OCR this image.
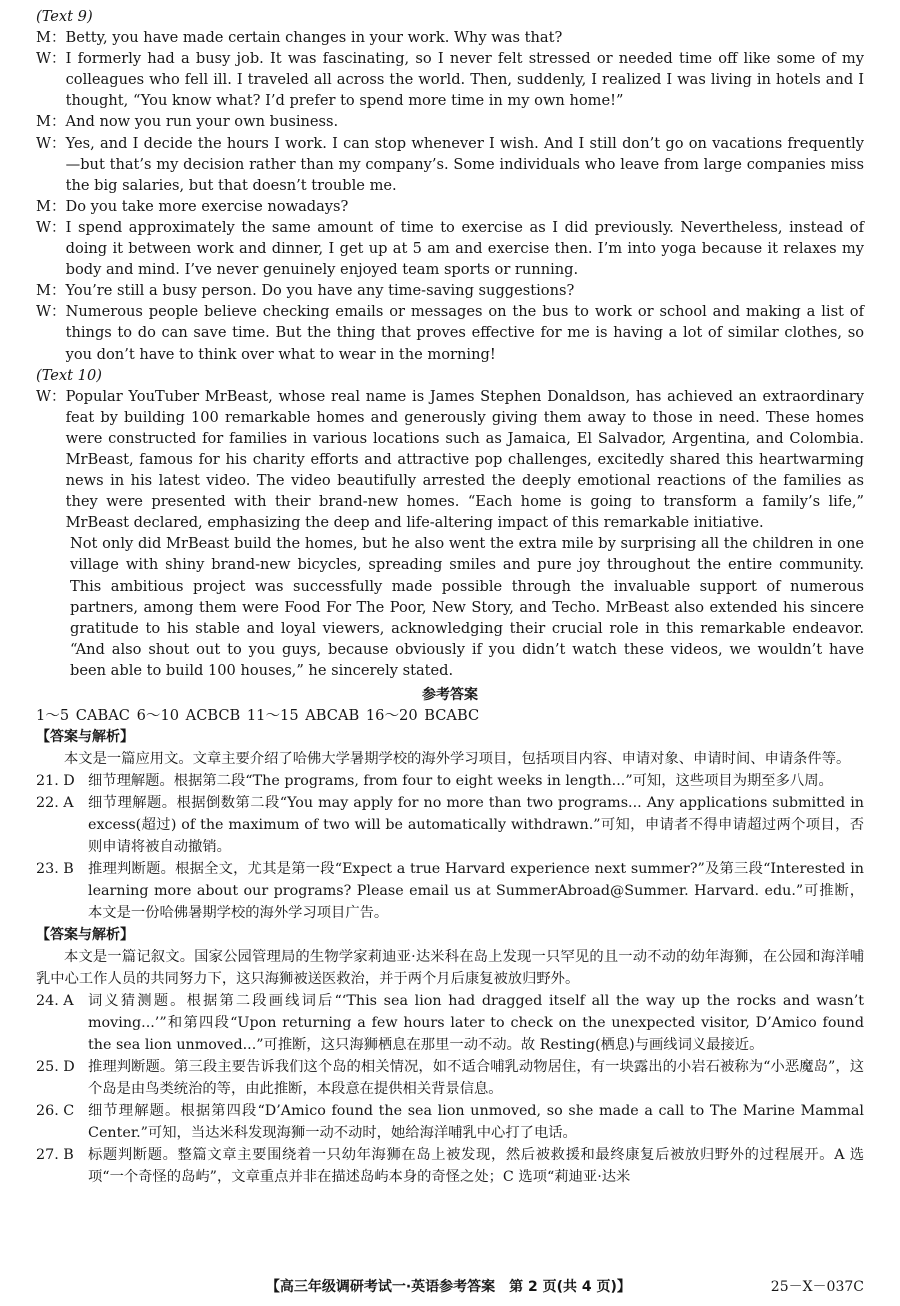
(Text 9)

M： Betty, you have made certain changes in your work. Why was that?
W： I formerly had a busy job. It was fascinating, so I never felt stressed or needed time off like some of my colleagues who fell ill. I traveled all across the world. Then, suddenly, I realized I was living in hotels and I thought, “You know what? I’d prefer to spend more time in my own home!”
M： And now you run your own business.
W： Yes, and I decide the hours I work. I can stop whenever I wish. And I still don’t go on vacations frequently—but that’s my decision rather than my company’s. Some individuals who leave from large companies miss the big salaries, but that doesn’t trouble me.
M： Do you take more exercise nowadays?
W： I spend approximately the same amount of time to exercise as I did previously. Nevertheless, instead of doing it between work and dinner, I get up at 5 am and exercise then. I’m into yoga because it relaxes my body and mind. I’ve never genuinely enjoyed team sports or running.
M： You’re still a busy person. Do you have any time-saving suggestions?
W： Numerous people believe checking emails or messages on the bus to work or school and making a list of things to do can save time. But the thing that proves effective for me is having a lot of similar clothes, so you don’t have to think over what to wear in the morning!

(Text 10)

W： Popular YouTuber MrBeast, whose real name is James Stephen Donaldson, has achieved an extraordinary feat by building 100 remarkable homes and generously giving them away to those in need. These homes were constructed for families in various locations such as Jamaica, El Salvador, Argentina, and Colombia. MrBeast, famous for his charity efforts and attractive pop challenges, excitedly shared this heartwarming news in his latest video. The video beautifully arrested the deeply emotional reactions of the families as they were presented with their brand-new homes. “Each home is going to transform a family’s life,” MrBeast declared, emphasizing the deep and life-altering impact of this remarkable initiative.

Not only did MrBeast build the homes, but he also went the extra mile by surprising all the children in one village with shiny brand-new bicycles, spreading smiles and pure joy throughout the entire community. This ambitious project was successfully made possible through the invaluable support of numerous partners, among them were Food For The Poor, New Story, and Techo. MrBeast also extended his sincere gratitude to his stable and loyal viewers, acknowledging their crucial role in this remarkable endeavor. “And also shout out to you guys, because obviously if you didn’t watch these videos, we wouldn’t have been able to build 100 houses,” he sincerely stated.

参考答案
1～5 CABAC 6～10 ACBCB 11～15 ABCAB 16～20 BCABC
【答案与解析】
本文是一篇应用文。文章主要介绍了哈佛大学暑期学校的海外学习项目，包括项目内容、申请对象、申请时间、申请条件等。
21. D 细节理解题。根据第二段“The programs, from four to eight weeks in length...”可知，这些项目为期至多八周。
22. A	细节理解题。根据倒数第二段“You may apply for no more than two programs... Any applications submitted in excess(超过) of the maximum of two will be automatically withdrawn.”可知，申请者不得申请超过两个项目，否则申请将被自动撤销。
23. B 推理判断题。根据全文，尤其是第一段“Expect a true Harvard experience next summer?”及第三段“Interested in learning more about our programs? Please email us at SummerAbroad@Summer. Harvard. edu.”可推断，本文是一份哈佛暑期学校的海外学习项目广告。
【答案与解析】
本文是一篇记叙文。国家公园管理局的生物学家莉迪亚·达米科在岛上发现一只罕见的且一动不动的幼年海狮，在公园和海洋哺乳中心工作人员的共同努力下，这只海狮被送医救治，并于两个月后康复被放归野外。
24. A	词义猜测题。根据第二段画线词后“‘This sea lion had dragged itself all the way up the rocks and wasn’t moving...’”和第四段“Upon returning a few hours later to check on the unexpected visitor, D’Amico found the sea lion unmoved...”可推断，这只海狮栖息在那里一动不动。故 Resting(栖息)与画线词义最接近。
25. D 推理判断题。第三段主要告诉我们这个岛的相关情况，如不适合哺乳动物居住，有一块露出的小岩石被称为“小恶魔岛”，这个岛是由鸟类统治的等，由此推断，本段意在提供相关背景信息。
26. C 细节理解题。根据第四段“D’Amico found the sea lion unmoved, so she made a call to The Marine Mammal Center.”可知，当达米科发现海狮一动不动时，她给海洋哺乳中心打了电话。
27. B 标题判断题。整篇文章主要围绕着一只幼年海狮在岛上被发现，然后被救援和最终康复后被放归野外的过程展开。A 选项“一个奇怪的岛屿”，文章重点并非在描述岛屿本身的奇怪之处；C 选项“莉迪亚·达米
【高三年级调研考试一·英语参考答案　第 2 页(共 4 页)】	25－X－037C
